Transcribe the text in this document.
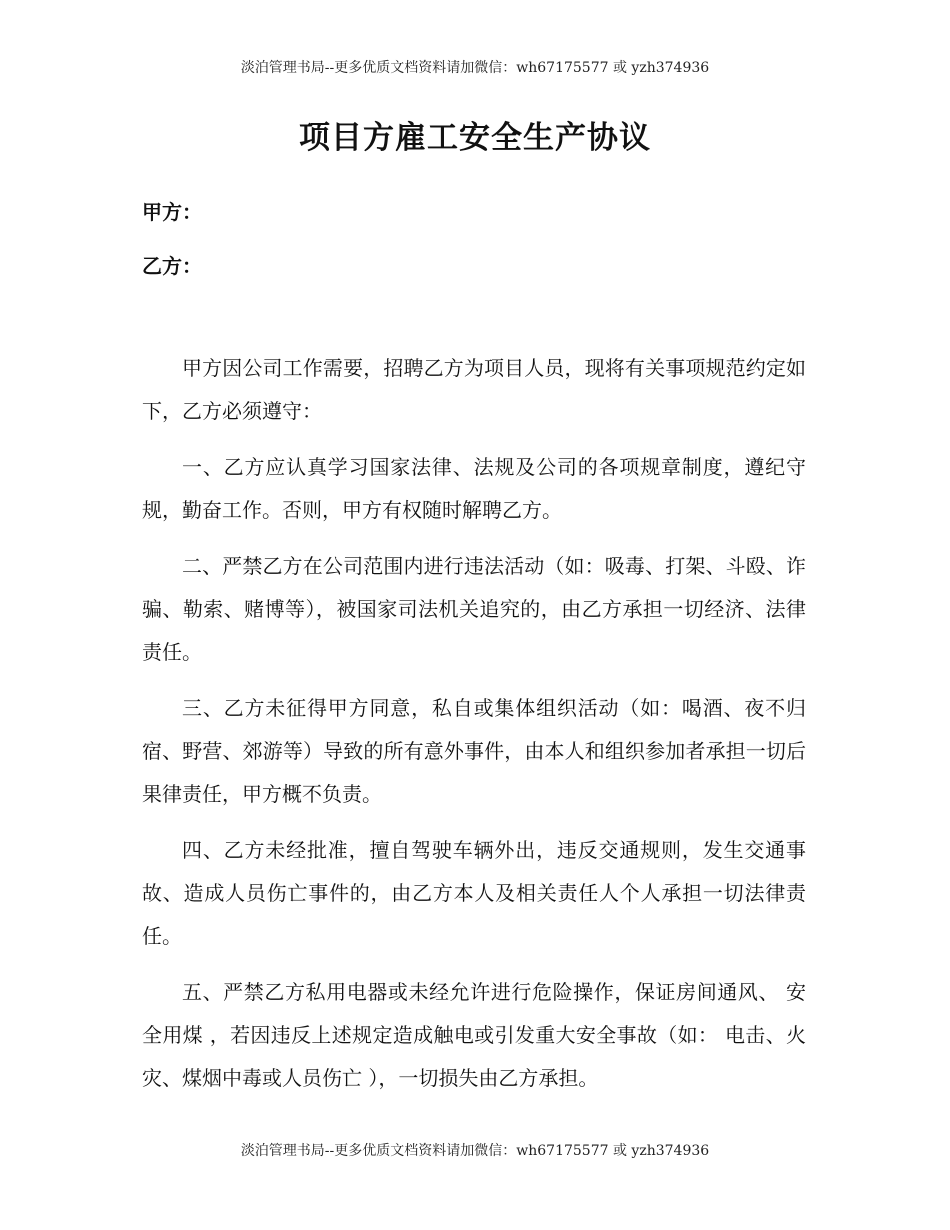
淡泊管理书局--更多优质文档资料请加微信：wh67175577 或 yzh374936
项目方雇工安全生产协议
甲方：
乙方：

甲方因公司工作需要，招聘乙方为项目人员，现将有关事项规范约定如下，乙方必须遵守：

一、乙方应认真学习国家法律、法规及公司的各项规章制度，遵纪守规，勤奋工作。否则，甲方有权随时解聘乙方。

二、严禁乙方在公司范围内进行违法活动（如：吸毒、打架、斗殴、诈骗、勒索、赌博等），被国家司法机关追究的，由乙方承担一切经济、法律责任。

三、乙方未征得甲方同意，私自或集体组织活动（如：喝酒、夜不归宿、野营、郊游等）导致的所有意外事件，由本人和组织参加者承担一切后果律责任，甲方概不负责。

四、乙方未经批准，擅自驾驶车辆外出，违反交通规则，发生交通事故、造成人员伤亡事件的，由乙方本人及相关责任人个人承担一切法律责任。

五、严禁乙方私用电器或未经允许进行危险操作，保证房间通风、 安全用煤 ，若因违反上述规定造成触电或引发重大安全事故（如： 电击、火灾、煤烟中毒或人员伤亡 ），一切损失由乙方承担。

淡泊管理书局--更多优质文档资料请加微信：wh67175577 或 yzh374936
